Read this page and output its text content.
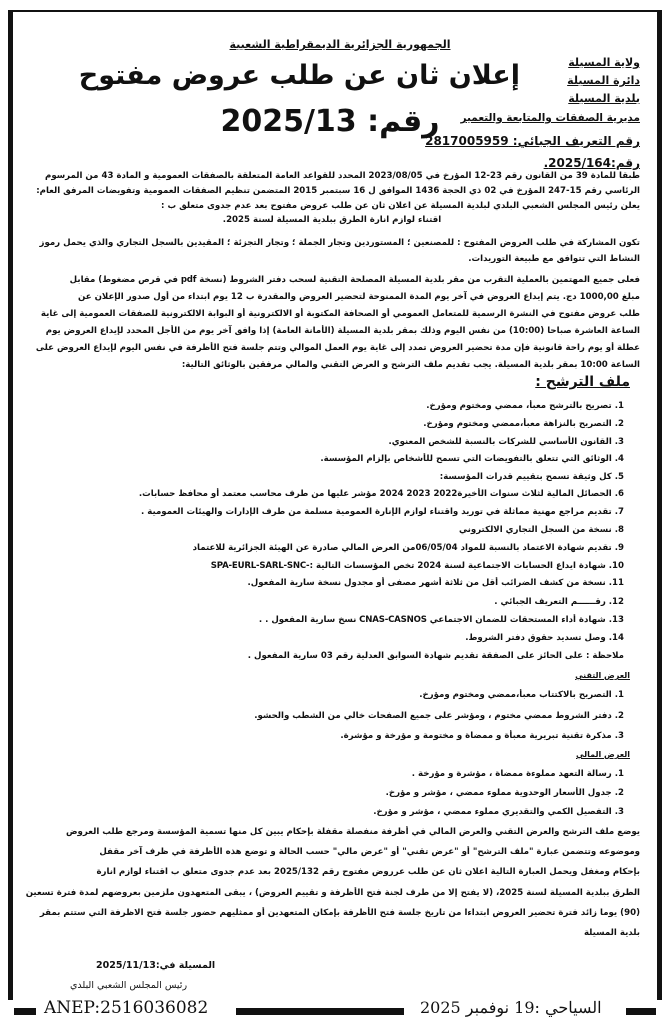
الجمهورية الجزائرية الديمقراطية الشعبية
إعلان ثان عن طلب عروض مفتوح
رقم: 2025/13
ولاية المسيلة
دائرة المسيلة
بلدية المسيلة
مديرية الصفقات والمتابعة والتعمير
رقم التعريف الجبائي: 2817005959
رقم:2025/164.
طبقا للمادة 39 من القانون رقم 23-12 المؤرخ في 2023/08/05 المحدد للقواعد العامة المتعلقة بالصفقات العمومية و المادة 43 من المرسوم
الرئاسي رقم 15-247 المؤرخ في 02 ذي الحجة 1436 الموافق ل 16 سبتمبر 2015 المتضمن تنظيم الصفقات العمومية وتفويضات المرفق العام:
يعلن رئيس المجلس الشعبي البلدي لبلدية المسيلة عن اعلان ثان عن طلب عروض مفتوح بعد عدم جدوى متعلق ب :
اقتناء لوازم انارة الطرق ببلدية المسيلة لسنة 2025.
تكون المشاركة في طلب العروض المفتوح : للمصنعين ؛ المستوردين وتجار الجملة ؛ وتجار التجزئة ؛ المقيدين بالسجل التجاري والذي يحمل رموز
النشاط التي تتوافق مع طبيعة التوريدات.
فعلى جميع المهتمين بالعملية التقرب من مقر بلدية المسيلة المصلحة التقنية لسحب دفتر الشروط (نسخة pdf في قرص مضغوط) مقابل
مبلغ 1000,00 دج. يتم إيداع العروض في آخر يوم المدة الممنوحة لتحضير العروض والمقدرة ب 12 يوم ابتداء من أول صدور الإعلان عن
طلب عروض مفتوح في النشرة الرسمية للمتعامل العمومي أو الصحافة المكتوبة أو الالكترونية أو البوابة الالكترونية للصفقات العمومية إلى غاية
الساعة العاشرة صباحا (10:00) من نفس اليوم وذلك بمقر بلدية المسيلة (الأمانة العامة) إذا وافق آخر يوم من الأجل المحدد لإيداع العروض يوم
عطلة أو يوم راحة قانونية فإن مدة تحضير العروض تمدد إلى غاية يوم العمل الموالي وتتم جلسة فتح الأظرفة في نفس اليوم لإيداع العروض على
الساعة 10:00 بمقر بلدية المسيلة. يجب تقديم ملف الترشح و العرض التقني والمالي مرفقين بالوثائق التالية:
ملف الترشح :
1. تصريح بالترشح معبأ، ممضي ومختوم ومؤرخ.
2. التصريح بالنزاهة معبأ،ممضي ومختوم ومؤرخ.
3. القانون الأساسي للشركات بالنسبة للشخص المعنوي.
4. الوثائق التي تتعلق بالتفويضات التي تسمح للأشخاص بإلزام المؤسسة.
5. كل وثيقة تسمح بتقييم قدرات المؤسسة:
6. الحصائل المالية لثلاث سنوات الأخيرة2022 2023 2024 مؤشر عليها من طرف محاسب معتمد أو محافظ حسابات.
7. تقديم مراجع مهنية مماثلة في توريد واقتناء لوازم الإنارة العمومية مسلمة من طرف الإدارات والهيئات العمومية .
8. نسخة من السجل التجاري الالكتروني
9. تقديم شهادة الاعتماد بالنسبة للمواد 06/05/04من العرض المالي صادرة عن الهيئة الجزائرية للاعتماد
10. شهادة ايداع الحسابات الاجتماعية لسنة 2024 تخص المؤسسات التالية :-SPA-EURL-SARL-SNC
11. نسخة من كشف الضرائب أقل من ثلاثة أشهر مصفى أو مجدول نسخة سارية المفعول.
12. رقــــــم التعريف الجبائي .
13. شهادة أداء المستحقات للضمان الاجتماعي CNAS-CASNOS نسخ سارية المفعول . .
14. وصل تسديد حقوق دفتر الشروط.
ملاحظة : على الحائز على الصفقة تقديم شهادة السوابق العدلية رقم 03 سارية المفعول .
العرض التقني
1. التصريح بالاكتتاب معبأ،ممضي ومختوم ومؤرخ.
2. دفتر الشروط ممضي مختوم ، ومؤشر على جميع الصفحات خالي من الشطب والحشو.
3. مذكرة تقنية تبريرية معبأة و ممضاة و مختومة و مؤرخة و مؤشرة.
العرض المالي
1. رسالة التعهد مملوءة ممضاة ، مؤشرة و مؤرخة .
2. جدول الأسعار الوحدوية مملوء ممضي ، مؤشر و مؤرخ.
3. التفصيل الكمي والتقديري مملوء ممضي ، مؤشر و مؤرخ.
يوضع ملف الترشح والعرض التقني والعرض المالي في أظرفة منفصلة مقفلة بإحكام يبين كل منها تسمية المؤسسة ومرجع طلب العروض
وموضوعه وتتضمن عبارة "ملف الترشح" أو "عرض تقني" أو "عرض مالي" حسب الحالة و توضع هذه الأظرفة في ظرف آخر مقفل
بإحكام ومغفل ويحمل العبارة التالية اعلان ثان عن طلب عرروض مفتوح رقم 2025/132 بعد عدم جدوى متعلق ب اقتناء لوازم انارة
الطرق ببلدية المسيلة لسنة 2025، (لا يفتح إلا من طرف لجنة فتح الأظرفة و تقييم العروض) ، يبقى المتعهدون ملزمين بعروضهم لمدة فترة تسعين
(90) يوما زائد فترة تحضير العروض ابتداءا من تاريخ جلسة فتح الأظرفة بإمكان المتعهدين أو ممثليهم حضور جلسة فتح الاظرفة التي ستتم بمقر
بلدية المسيلة
المسيلة في:2025/11/13
رئيس المجلس الشعبي البلدي
ANEP:2516036082	السياحي :19 نوفمبر 2025
